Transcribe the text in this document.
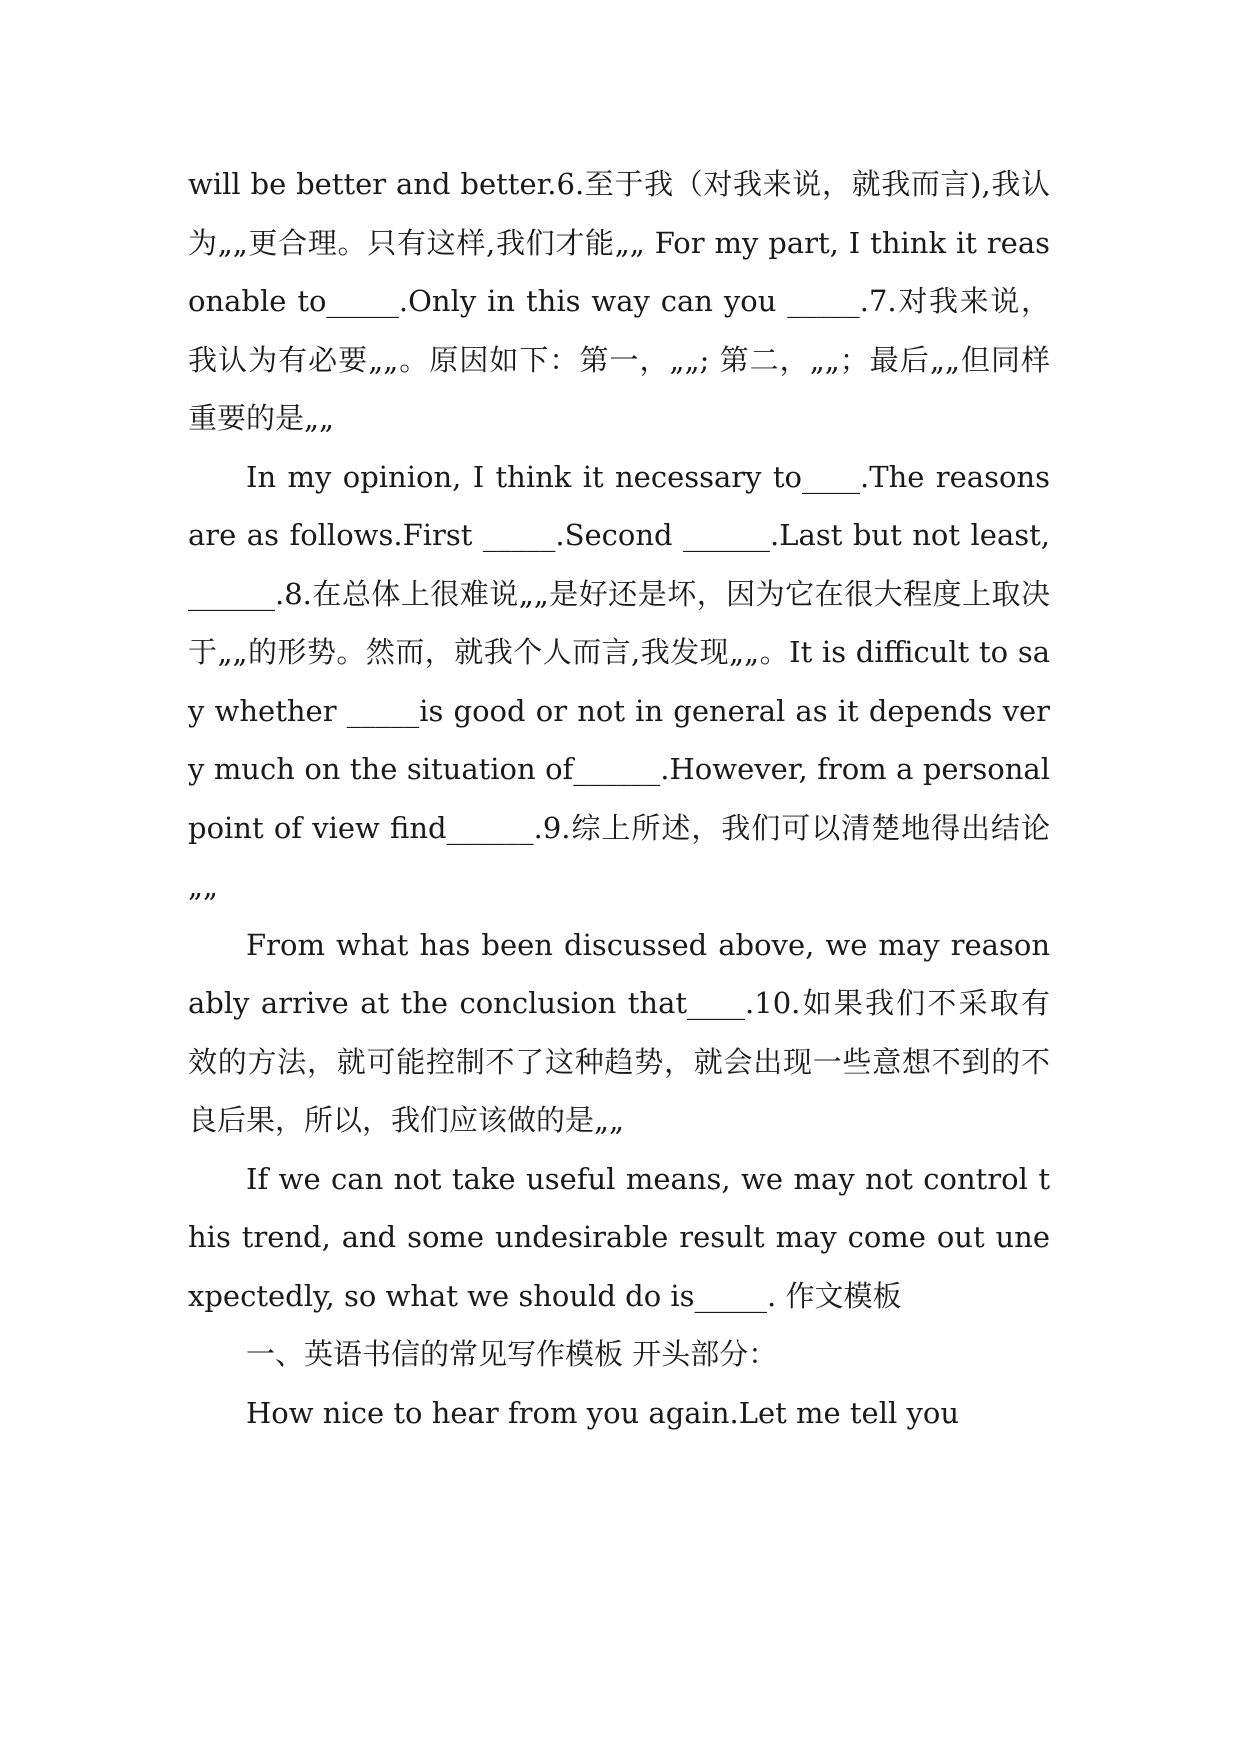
will be better and better.6.至于我（对我来说，就我而言),我认为„„更合理。只有这样,我们才能„„ For my part, I think it reasonable to_____.Only in this way can you _____.7.对我来说，我认为有必要„„。原因如下：第一，„„; 第二，„„；最后„„但同样重要的是„„

In my opinion, I think it necessary to____.The reasons are as follows.First _____.Second ______.Last but not least,______.8.在总体上很难说„„是好还是坏，因为它在很大程度上取决于„„的形势。然而，就我个人而言,我发现„„。It is difficult to say whether _____is good or not in general as it depends very much on the situation of______.However, from a personal point of view find______.9.综上所述，我们可以清楚地得出结论„„

From what has been discussed above, we may reasonably arrive at the conclusion that____.10.如果我们不采取有效的方法，就可能控制不了这种趋势，就会出现一些意想不到的不良后果，所以，我们应该做的是„„

If we can not take useful means, we may not control this trend, and some undesirable result may come out unexpectedly, so what we should do is_____. 作文模板

一、英语书信的常见写作模板 开头部分：

How nice to hear from you again.Let me tell you
